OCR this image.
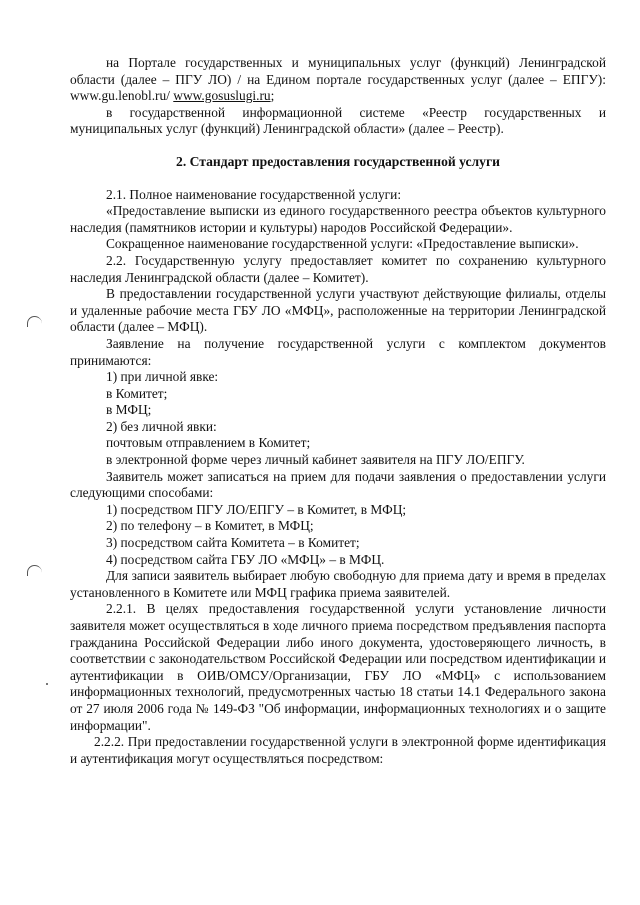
на Портале государственных и муниципальных услуг (функций) Ленинградской области (далее – ПГУ ЛО) / на Едином портале государственных услуг (далее – ЕПГУ): www.gu.lenobl.ru/ www.gosuslugi.ru;

в государственной информационной системе «Реестр государственных и муниципальных услуг (функций) Ленинградской области» (далее – Реестр).

2. Стандарт предоставления государственной услуги

2.1. Полное наименование государственной услуги:

«Предоставление выписки из единого государственного реестра объектов культурного наследия (памятников истории и культуры) народов Российской Федерации».

Сокращенное наименование государственной услуги: «Предоставление выписки».

2.2. Государственную услугу предоставляет комитет по сохранению культурного наследия Ленинградской области (далее – Комитет).

В предоставлении государственной услуги участвуют действующие филиалы, отделы и удаленные рабочие места ГБУ ЛО «МФЦ», расположенные на территории Ленинградской области (далее – МФЦ).

Заявление на получение государственной услуги с комплектом документов принимаются:

1) при личной явке:

в Комитет;

в МФЦ;

2) без личной явки:

почтовым отправлением в Комитет;

в электронной форме через личный кабинет заявителя на ПГУ ЛО/ЕПГУ.

Заявитель может записаться на прием для подачи заявления о предоставлении услуги следующими способами:

1) посредством ПГУ ЛО/ЕПГУ – в Комитет, в МФЦ;

2) по телефону – в Комитет, в МФЦ;

3) посредством сайта Комитета – в Комитет;

4) посредством сайта ГБУ ЛО «МФЦ» – в МФЦ.

Для записи заявитель выбирает любую свободную для приема дату и время в пределах установленного в Комитете или МФЦ графика приема заявителей.

2.2.1. В целях предоставления государственной услуги установление личности заявителя может осуществляться в ходе личного приема посредством предъявления паспорта гражданина Российской Федерации либо иного документа, удостоверяющего личность, в соответствии с законодательством Российской Федерации или посредством идентификации и аутентификации в ОИВ/ОМСУ/Организации, ГБУ ЛО «МФЦ» с использованием информационных технологий, предусмотренных частью 18 статьи 14.1 Федерального закона от 27 июля 2006 года № 149-ФЗ "Об информации, информационных технологиях и о защите информации".

2.2.2. При предоставлении государственной услуги в электронной форме идентификация и аутентификация могут осуществляться посредством:
